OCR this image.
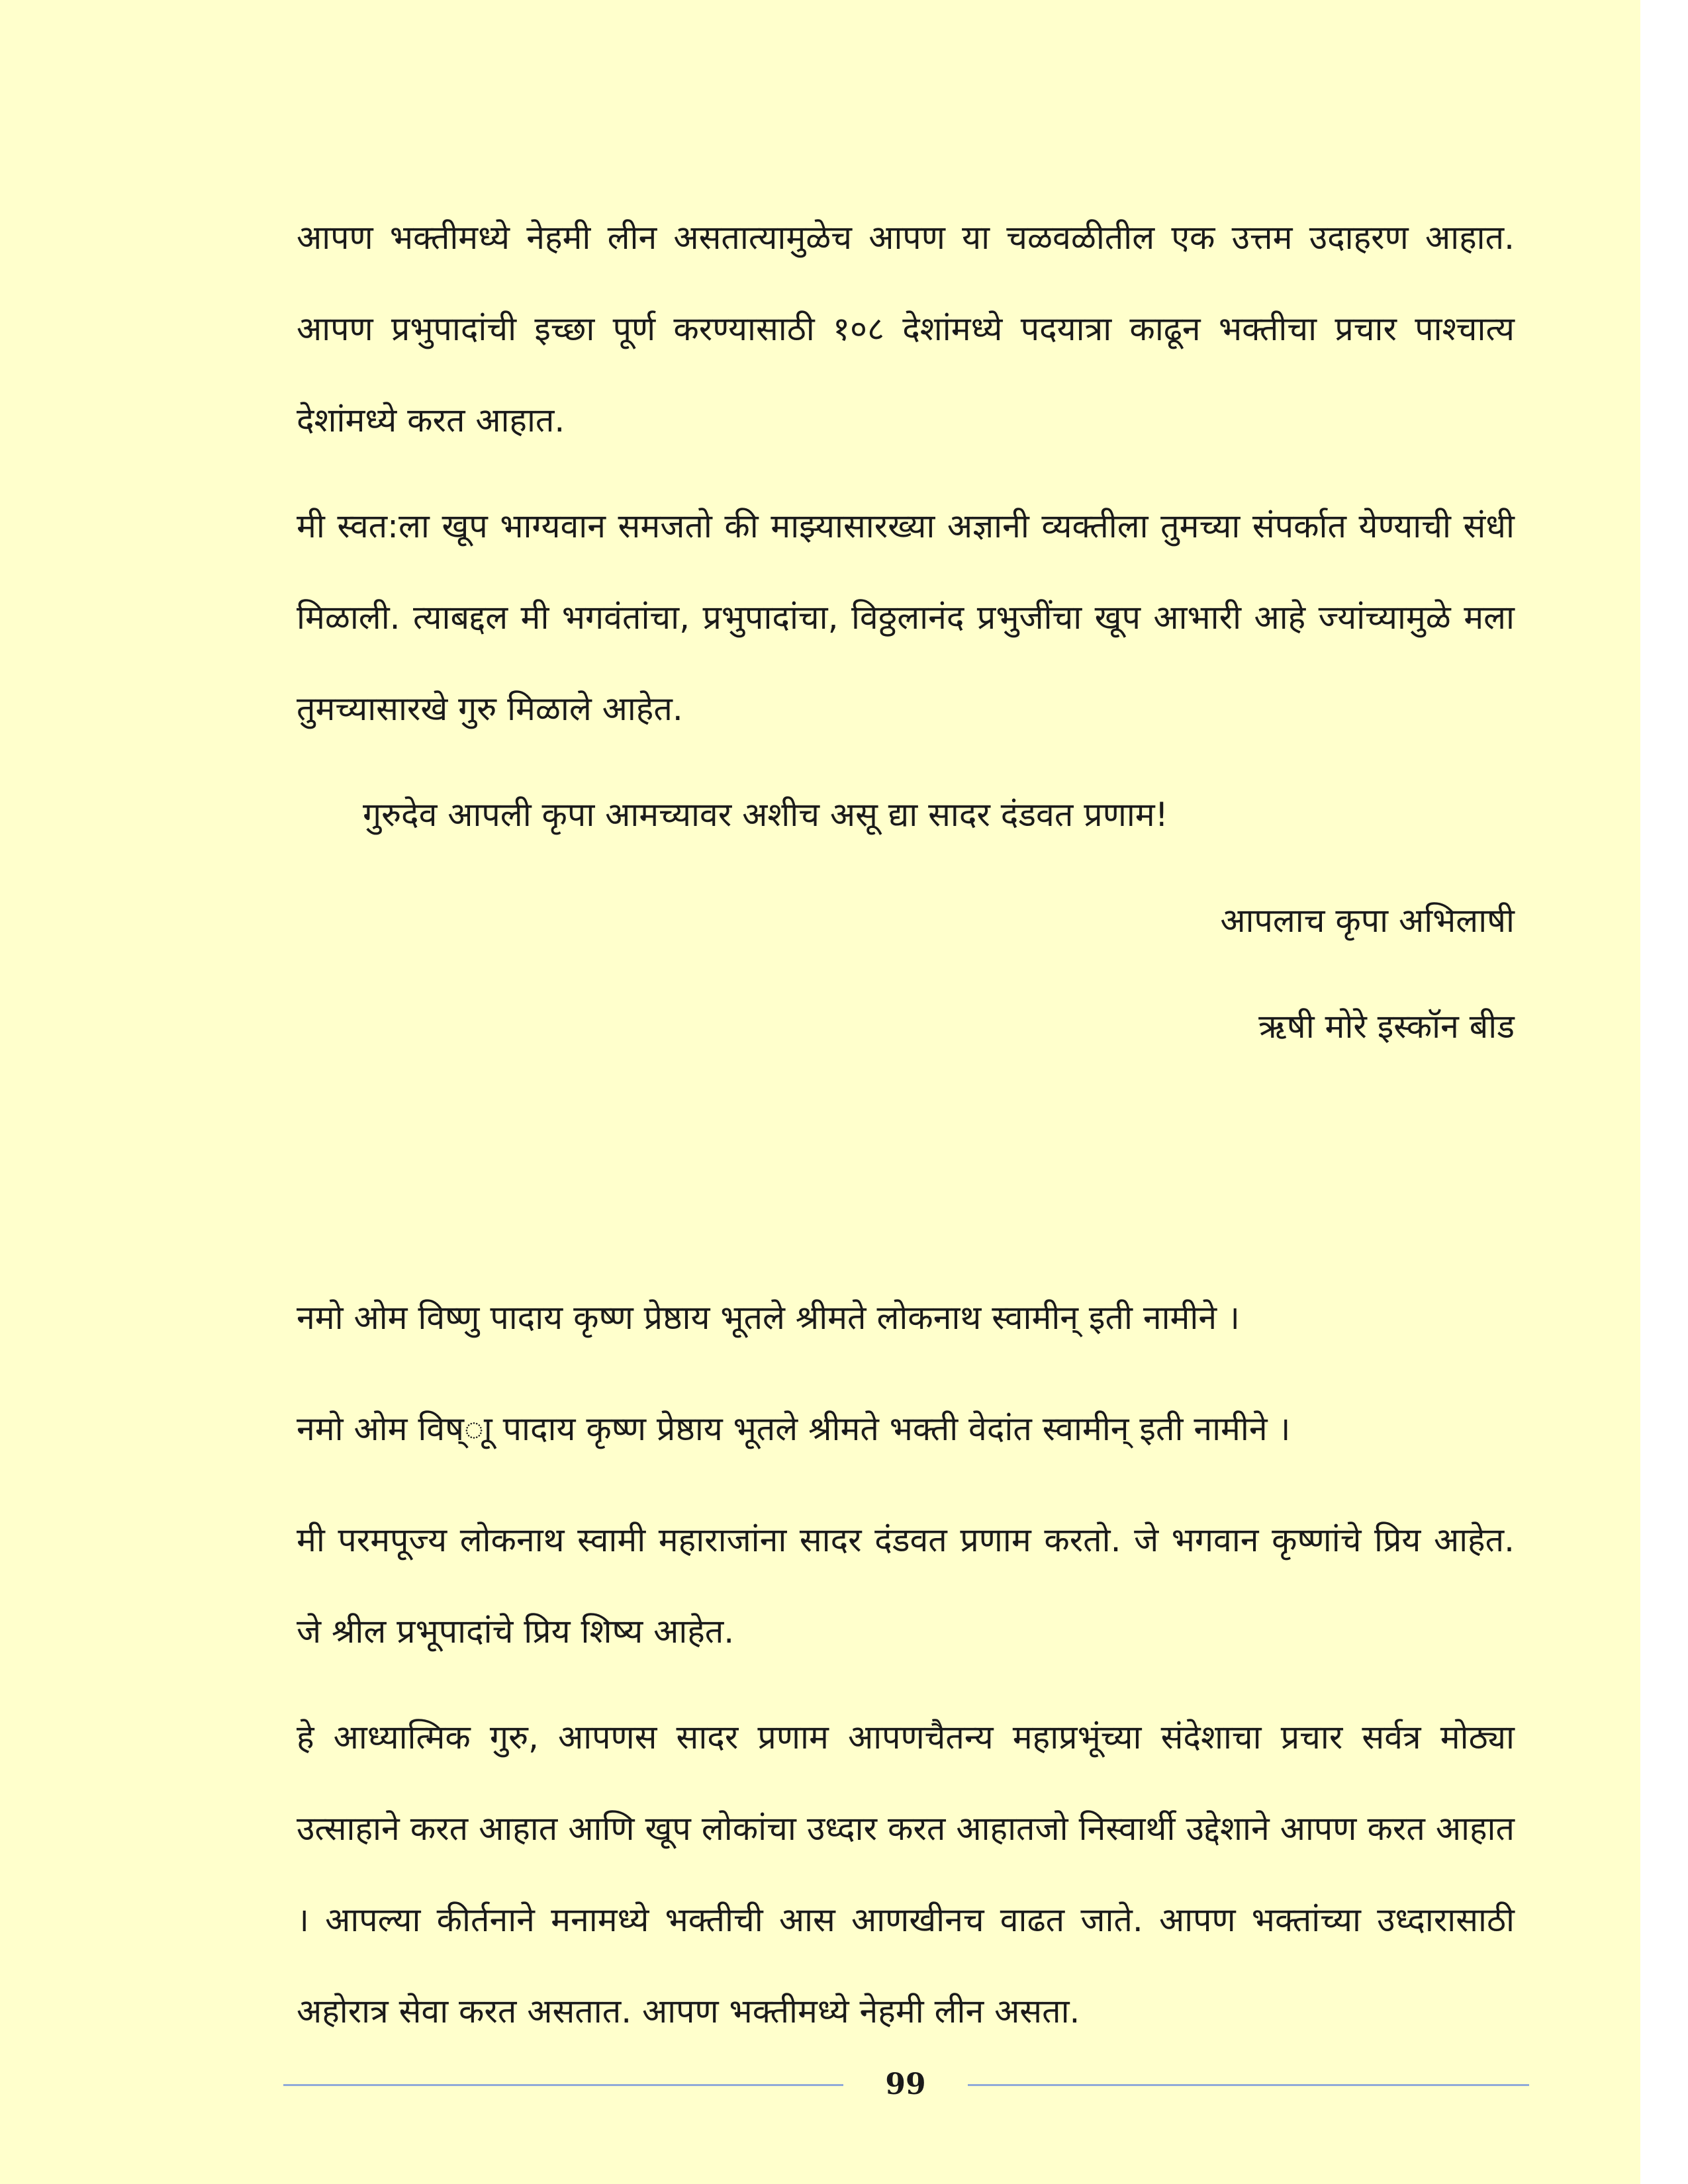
आपण भक्तीमध्ये नेहमी लीन असतात्यामुळेच आपण या चळवळीतील एक उत्तम उदाहरण आहात. आपण प्रभुपादांची इच्छा पूर्ण करण्यासाठी १०८ देशांमध्ये पदयात्रा काढून भक्तीचा प्रचार पाश्चात्य देशांमध्ये करत आहात.

मी स्वत:ला खूप भाग्यवान समजतो की माझ्यासारख्या अज्ञानी व्यक्तीला तुमच्या संपर्कात येण्याची संधी मिळाली. त्याबद्दल मी भगवंतांचा, प्रभुपादांचा, विठ्ठलानंद प्रभुजींचा खूप आभारी आहे ज्यांच्यामुळे मला तुमच्यासारखे गुरु मिळाले आहेत.

गुरुदेव आपली कृपा आमच्यावर अशीच असू द्या सादर दंडवत प्रणाम!

आपलाच कृपा अभिलाषी

ऋषी मोरे इस्कॉन बीड

नमो ओम विष्णु पादाय कृष्ण प्रेष्ठाय भूतले श्रीमते लोकनाथ स्वामीन् इती नामीने ।

नमो ओम विष्ाू पादाय कृष्ण प्रेष्ठाय भूतले श्रीमते भक्ती वेदांत स्वामीन् इती नामीने ।

मी परमपूज्य लोकनाथ स्वामी महाराजांना सादर दंडवत प्रणाम करतो. जे भगवान कृष्णांचे प्रिय आहेत. जे श्रील प्रभूपादांचे प्रिय शिष्य आहेत.

हे आध्यात्मिक गुरु, आपणस सादर प्रणाम आपणचैतन्य महाप्रभूंच्या संदेशाचा प्रचार सर्वत्र मोठ्या उत्साहाने करत आहात आणि खूप लोकांचा उध्दार करत आहातजो निस्वार्थी उद्देशाने आपण करत आहात । आपल्या कीर्तनाने मनामध्ये भक्तीची आस आणखीनच वाढत जाते. आपण भक्तांच्या उध्दारासाठी अहोरात्र सेवा करत असतात. आपण भक्तीमध्ये नेहमी लीन असता.

99
